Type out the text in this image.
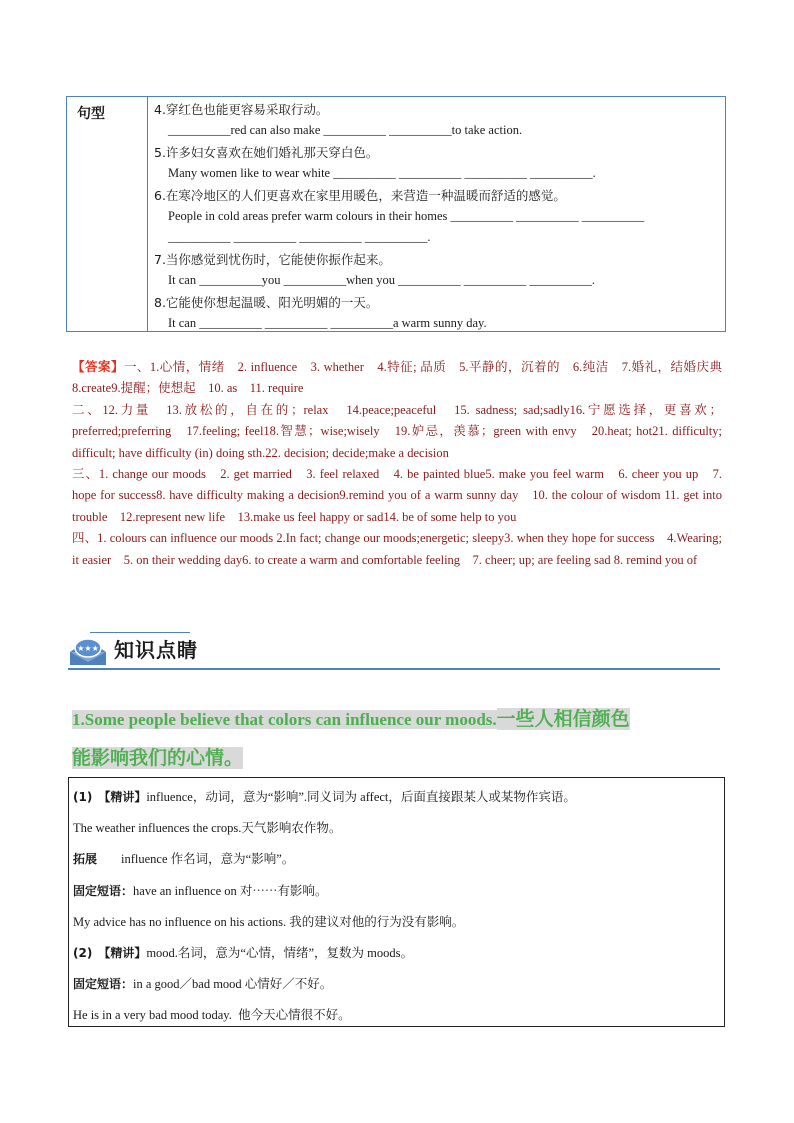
句型	4.穿红色也能更容易采取行动。
__________red can also make __________ __________to take action.
5.许多妇女喜欢在她们婚礼那天穿白色。
Many women like to wear white __________ __________ __________ __________.
6.在寒冷地区的人们更喜欢在家里用暖色，来营造一种温暖而舒适的感觉。
People in cold areas prefer warm colours in their homes __________ __________ __________
__________ __________ __________ __________.
7.当你感觉到忧伤时，它能使你振作起来。
It can __________you __________when you __________ __________ __________.
8.它能使你想起温暖、阳光明媚的一天。
It can __________ __________ __________a warm sunny day.

【答案】一、1.心情，情绪　2. influence　3. whether　4.特征; 品质　5.平静的，沉着的　6.纯洁　7.婚礼，结婚庆典　8.create9.提醒；使想起　10. as　11. require

二、12.力量　13.放松的，自在的；relax　14.peace;peaceful　15. sadness; sad;sadly16.宁愿选择，更喜欢；preferred;preferring　17.feeling; feel18.智慧；wise;wisely　19.妒忌，羡慕；green with envy　20.heat; hot21. difficulty; difficult; have difficulty (in) doing sth.22. decision; decide;make a decision

三、1. change our moods　2. get married　3. feel relaxed　4. be painted blue5. make you feel warm　6. cheer you up　7. hope for success8. have difficulty making a decision9.remind you of a warm sunny day　10. the colour of wisdom 11. get into trouble　12.represent new life　13.make us feel happy or sad14. be of some help to you

四、1. colours can influence our moods 2.In fact; change our moods;energetic; sleepy3. when they hope for success　4.Wearing; it easier　5. on their wedding day6. to create a warm and comfortable feeling　7. cheer; up; are feeling sad 8. remind you of

★★★ 知识点睛
1.Some people believe that colors can influence our moods.一些人相信颜色
能影响我们的心情。

(1)　【精讲】influence，动词，意为“影响”.同义词为 affect，后面直接跟某人或某物作宾语。

The weather influences the crops.天气影响农作物。

拓展　　influence 作名词，意为“影响”。

固定短语：have an influence on 对⋯⋯有影响。

My advice has no influence on his actions. 我的建议对他的行为没有影响。

(2)　【精讲】mood.名词，意为“心情，情绪”，复数为 moods。

固定短语：in a good／bad mood 心情好／不好。

He is in a very bad mood today.  他今天心情很不好。
